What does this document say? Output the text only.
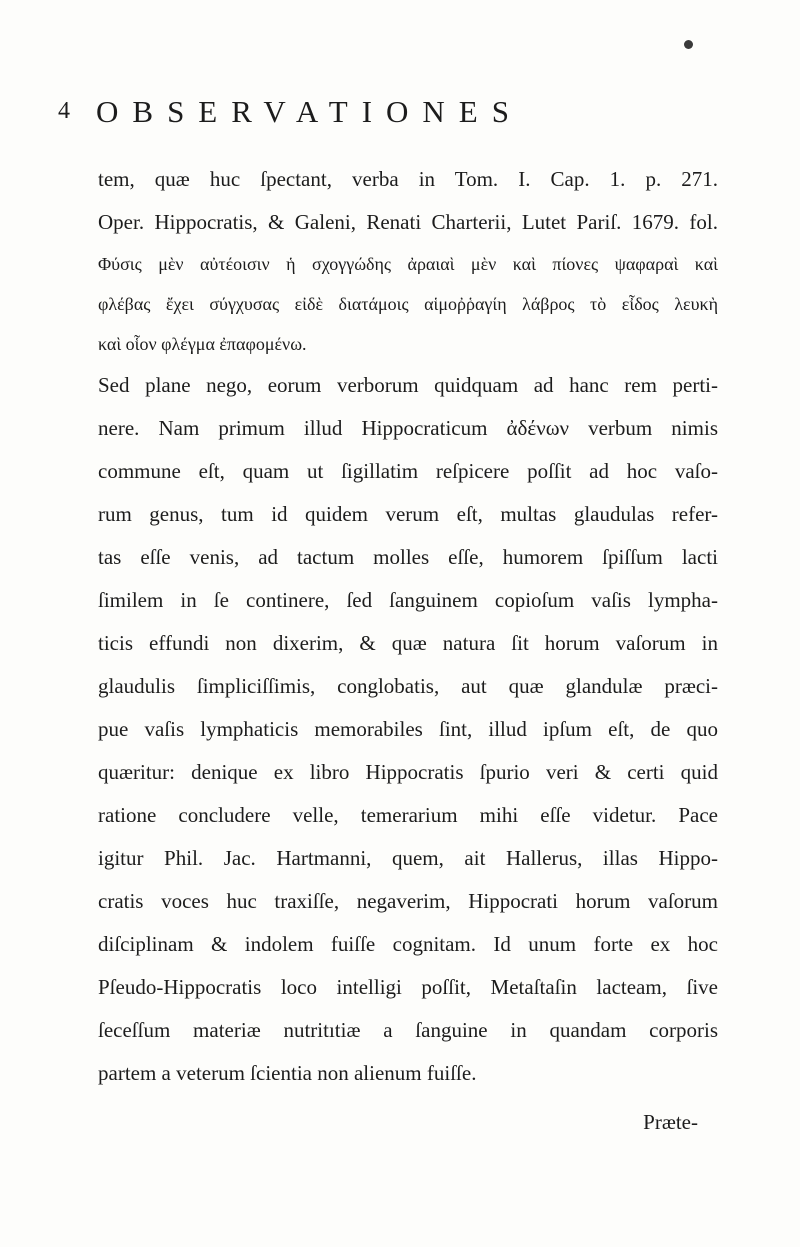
4 OBSERVATIONES
tem, quæ huc ſpectant, verba in Tom. I. Cap. 1. p. 271.
Oper. Hippocratis, & Galeni, Renati Charterii, Lutet Pariſ. 1679. fol.
Φύσις μὲν αὐτέοισιν ἡ σχογγώδης ἀραιαὶ μὲν καὶ πίονες ψαφαραὶ καὶ
φλέβας ἔχει σύγχυσας εἰδὲ διατάμοις αἱμοῤῥαγίη λάβρος τὸ εἶδος λευκὴ
καὶ οἷον φλέγμα ἐπαφομένω.
Sed plane nego, eorum verborum quidquam ad hanc rem perti-
nere. Nam primum illud Hippocraticum ἀδένων verbum nimis
commune eſt, quam ut ſigillatim reſpicere poſſit ad hoc vaſo-
rum genus, tum id quidem verum eſt, multas glaudulas refer-
tas eſſe venis, ad tactum molles eſſe, humorem ſpiſſum lacti
ſimilem in ſe continere, ſed ſanguinem copioſum vaſis lympha-
ticis effundi non dixerim, & quæ natura ſit horum vaſorum in
glaudulis ſimpliciſſimis, conglobatis, aut quæ glandulæ præci-
pue vaſis lymphaticis memorabiles ſint, illud ipſum eſt, de quo
quæritur: denique ex libro Hippocratis ſpurio veri & certi quid
ratione concludere velle, temerarium mihi eſſe videtur. Pace
igitur Phil. Jac. Hartmanni, quem, ait Hallerus, illas Hippo-
cratis voces huc traxiſſe, negaverim, Hippocrati horum vaſorum
diſciplinam & indolem fuiſſe cognitam. Id unum forte ex hoc
Pſeudo-Hippocratis loco intelligi poſſit, Metaſtaſin lacteam, ſive
ſeceſſum materiæ nutritıtiæ a ſanguine in quandam corporis
partem a veterum ſcientia non alienum fuiſſe.
Præte-
